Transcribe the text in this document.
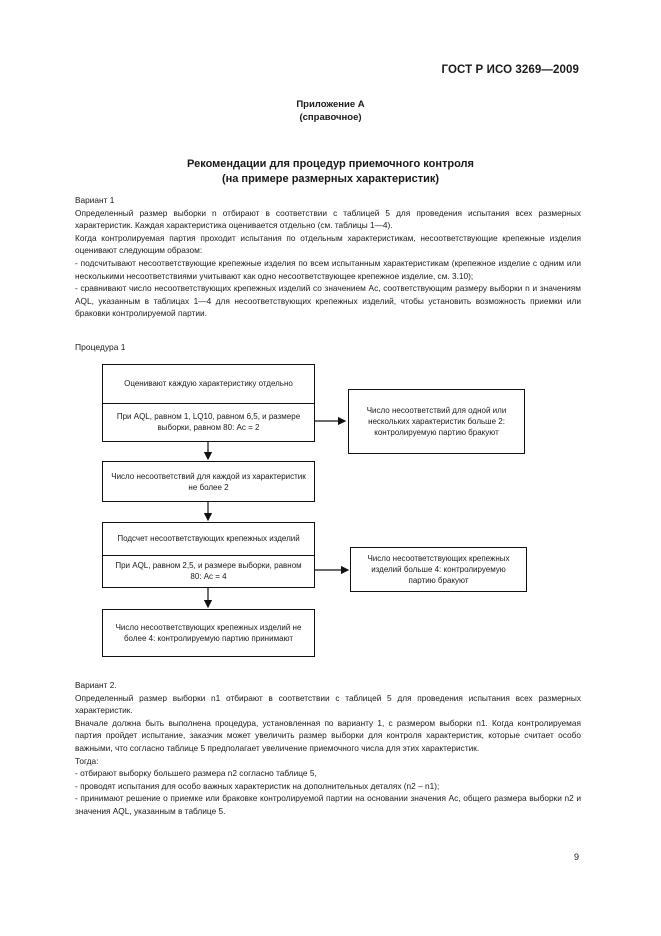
ГОСТ Р ИСО 3269—2009
Приложение А
(справочное)
Рекомендации для процедур приемочного контроля
(на примере размерных характеристик)

Вариант 1

Определенный размер выборки n отбирают в соответствии с таблицей 5 для проведения испытания всех размерных характеристик. Каждая характеристика оценивается отдельно (см. таблицы 1—4).

Когда контролируемая партия проходит испытания по отдельным характеристикам, несоответствующие крепежные изделия оценивают следующим образом:

- подсчитывают несоответствующие крепежные изделия по всем испытанным характеристикам (крепежное изделие с одним или несколькими несоответствиями учитывают как одно несоответствующее крепежное изделие, см. 3.10);

- сравнивают число несоответствующих крепежных изделий со значением Ac, соответствующим размеру выборки n и значениям AQL, указанным в таблицах 1—4 для несоответствующих крепежных изделий, чтобы установить возможность приемки или браковки контролируемой партии.

Процедура 1
Оценивают каждую характеристику отдельно
При AQL, равном 1, LQ10, равном 6,5, и размере выборки, равном 80: Ac = 2
Число несоответствий для одной или нескольких характеристик больше 2: контролируемую партию бракуют
Число несоответствий для каждой из характеристик не более 2
Подсчет несоответствующих крепежных изделий
При AQL, равном 2,5, и размере выборки, равном 80: Ac = 4
Число несоответствующих крепежных изделий больше 4: контролируемую партию бракуют
Число несоответствующих крепежных изделий не более 4: контролируемую партию принимают

Вариант 2.

Определенный размер выборки n1 отбирают в соответствии с таблицей 5 для проведения испытания всех размерных характеристик.

Вначале должна быть выполнена процедура, установленная по варианту 1, с размером выборки n1. Когда контролируемая партия пройдет испытание, заказчик может увеличить размер выборки для контроля характеристик, которые считает особо важными, что согласно таблице 5 предполагает увеличение приемочного числа для этих характеристик.

Тогда:

- отбирают выборку большего размера n2 согласно таблице 5,

- проводят испытания для особо важных характеристик на дополнительных деталях (n2 – n1);

- принимают решение о приемке или браковке контролируемой партии на основании значения Ac, общего размера выборки n2 и значения AQL, указанным в таблице 5.

9
